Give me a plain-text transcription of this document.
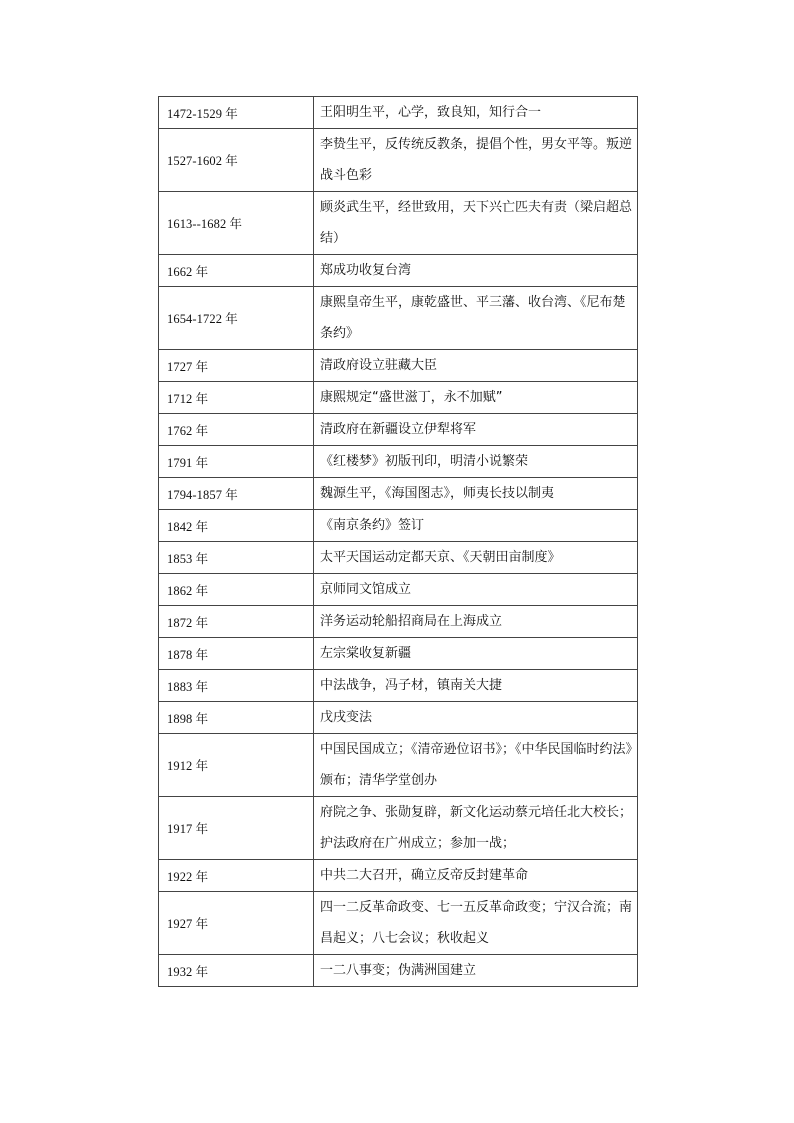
1472-1529 年	王阳明生平，心学，致良知，知行合一
1527-1602 年	李贽生平，反传统反教条，提倡个性，男女平等。叛逆战斗色彩
1613--1682 年	顾炎武生平，经世致用，天下兴亡匹夫有责（梁启超总结）
1662 年	郑成功收复台湾
1654-1722 年	康熙皇帝生平，康乾盛世、平三藩、收台湾、《尼布楚条约》
1727 年	清政府设立驻藏大臣
1712 年	康熙规定“盛世滋丁，永不加赋”
1762 年	清政府在新疆设立伊犁将军
1791 年	《红楼梦》初版刊印，明清小说繁荣
1794-1857 年	魏源生平，《海国图志》，师夷长技以制夷
1842 年	《南京条约》签订
1853 年	太平天国运动定都天京、《天朝田亩制度》
1862 年	京师同文馆成立
1872 年	洋务运动轮船招商局在上海成立
1878 年	左宗棠收复新疆
1883 年	中法战争，冯子材，镇南关大捷
1898 年	戊戌变法
1912 年	中国民国成立；《清帝逊位诏书》；《中华民国临时约法》颁布；清华学堂创办
1917 年	府院之争、张勋复辟，新文化运动蔡元培任北大校长；护法政府在广州成立；参加一战；
1922 年	中共二大召开，确立反帝反封建革命
1927 年	四一二反革命政变、七一五反革命政变；宁汉合流；南昌起义；八七会议；秋收起义
1932 年	一二八事变；伪满洲国建立
